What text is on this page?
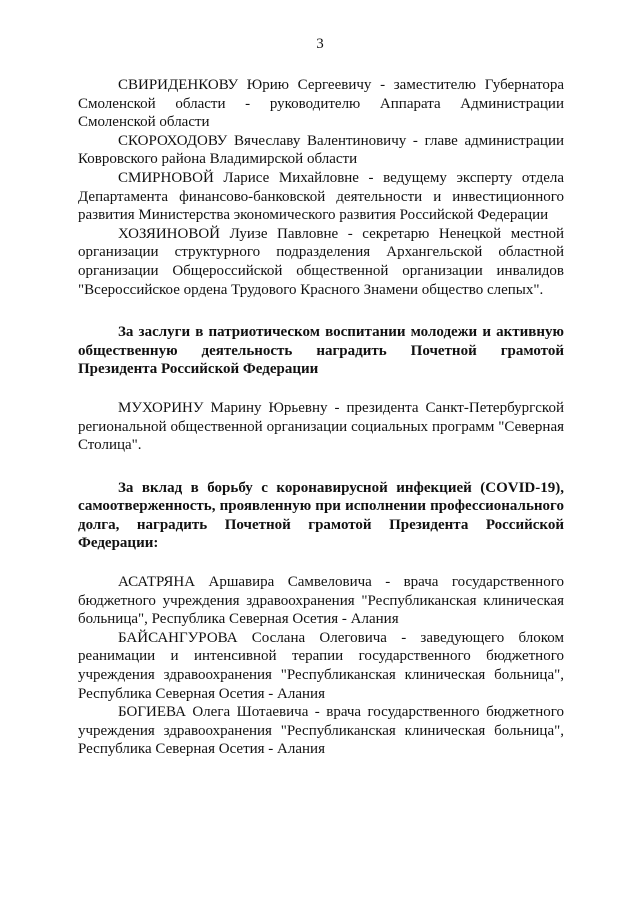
3

СВИРИДЕНКОВУ Юрию Сергеевичу - заместителю Губернатора Смоленской области - руководителю Аппарата Администрации Смоленской области

СКОРОХОДОВУ Вячеславу Валентиновичу - главе администрации Ковровского района Владимирской области

СМИРНОВОЙ Ларисе Михайловне - ведущему эксперту отдела Департамента финансово-банковской деятельности и инвестиционного развития Министерства экономического развития Российской Федерации

ХОЗЯИНОВОЙ Луизе Павловне - секретарю Ненецкой местной организации структурного подразделения Архангельской областной организации Общероссийской общественной организации инвалидов "Всероссийское ордена Трудового Красного Знамени общество слепых".

За заслуги в патриотическом воспитании молодежи и активную общественную деятельность наградить Почетной грамотой Президента Российской Федерации

МУХОРИНУ Марину Юрьевну - президента Санкт-Петербургской региональной общественной организации социальных программ "Северная Столица".

За вклад в борьбу с коронавирусной инфекцией (COVID-19), самоотверженность, проявленную при исполнении профессионального долга, наградить Почетной грамотой Президента Российской Федерации:

АСАТРЯНА Аршавира Самвеловича - врача государственного бюджетного учреждения здравоохранения "Республиканская клиническая больница", Республика Северная Осетия - Алания

БАЙСАНГУРОВА Сослана Олеговича - заведующего блоком реанимации и интенсивной терапии государственного бюджетного учреждения здравоохранения "Республиканская клиническая больница", Республика Северная Осетия - Алания

БОГИЕВА Олега Шотаевича - врача государственного бюджетного учреждения здравоохранения "Республиканская клиническая больница", Республика Северная Осетия - Алания
